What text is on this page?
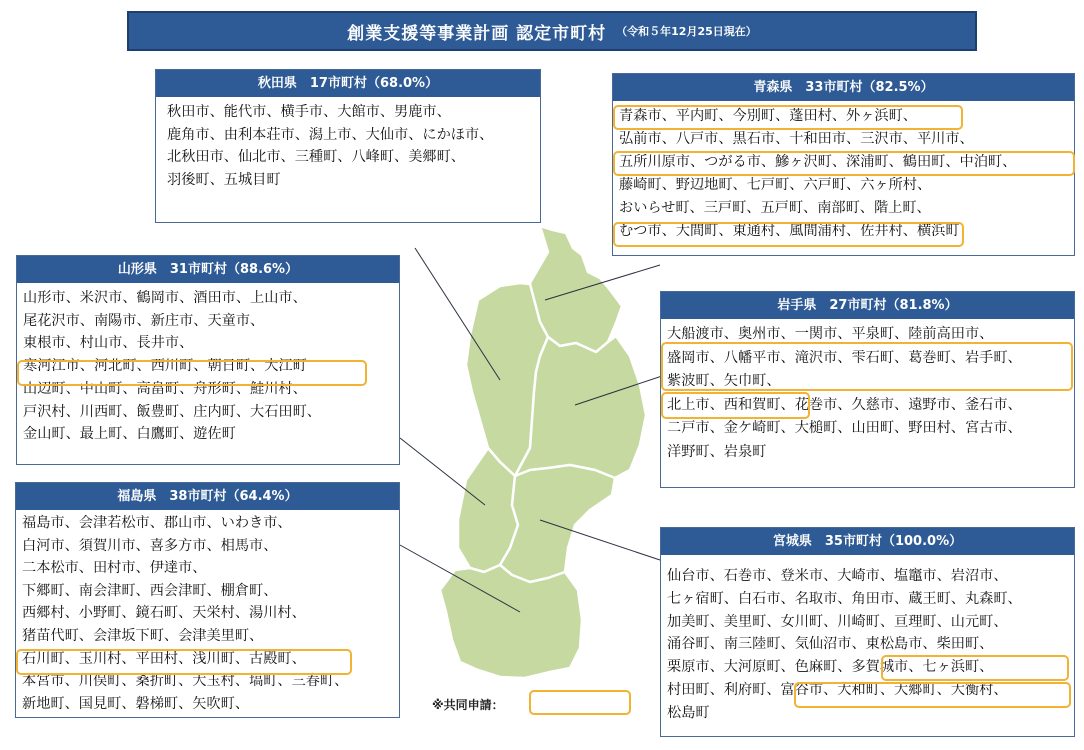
創業支援等事業計画 認定市町村 （令和５年12月25日現在）
秋田県　17市町村（68.0%）
秋田市、能代市、横手市、大館市、男鹿市、
鹿角市、由利本荘市、潟上市、大仙市、にかほ市、
北秋田市、仙北市、三種町、八峰町、美郷町、
羽後町、五城目町
青森県　33市町村（82.5%）
青森市、平内町、今別町、蓬田村、外ヶ浜町、
弘前市、八戸市、黒石市、十和田市、三沢市、平川市、
五所川原市、つがる市、鰺ヶ沢町、深浦町、鶴田町、中泊町、
藤崎町、野辺地町、七戸町、六戸町、六ヶ所村、
おいらせ町、三戸町、五戸町、南部町、階上町、
むつ市、大間町、東通村、風間浦村、佐井村、横浜町
山形県　31市町村（88.6%）
山形市、米沢市、鶴岡市、酒田市、上山市、
尾花沢市、南陽市、新庄市、天童市、
東根市、村山市、長井市、
寒河江市、河北町、西川町、朝日町、大江町
山辺町、中山町、高畠町、舟形町、鮭川村、
戸沢村、川西町、飯豊町、庄内町、大石田町、
金山町、最上町、白鷹町、遊佐町
岩手県　27市町村（81.8%）
大船渡市、奥州市、一関市、平泉町、陸前高田市、
盛岡市、八幡平市、滝沢市、雫石町、葛巻町、岩手町、
紫波町、矢巾町、
北上市、西和賀町、花巻市、久慈市、遠野市、釜石市、
二戸市、金ケ崎町、大槌町、山田町、野田村、宮古市、
洋野町、岩泉町
福島県　38市町村（64.4%）
福島市、会津若松市、郡山市、いわき市、
白河市、須賀川市、喜多方市、相馬市、
二本松市、田村市、伊達市、
下郷町、南会津町、西会津町、棚倉町、
西郷村、小野町、鏡石町、天栄村、湯川村、
猪苗代町、会津坂下町、会津美里町、
石川町、玉川村、平田村、浅川町、古殿町、
本宮市、川俣町、桑折町、大玉村、塙町、三春町、
新地町、国見町、磐梯町、矢吹町、
宮城県　35市町村（100.0%）
仙台市、石巻市、登米市、大崎市、塩竈市、岩沼市、
七ヶ宿町、白石市、名取市、角田市、蔵王町、丸森町、
加美町、美里町、女川町、川崎町、亘理町、山元町、
涌谷町、南三陸町、気仙沼市、東松島市、柴田町、
栗原市、大河原町、色麻町、多賀城市、七ヶ浜町、
村田町、利府町、富谷市、大和町、大郷町、大衡村、
松島町
※共同申請：
